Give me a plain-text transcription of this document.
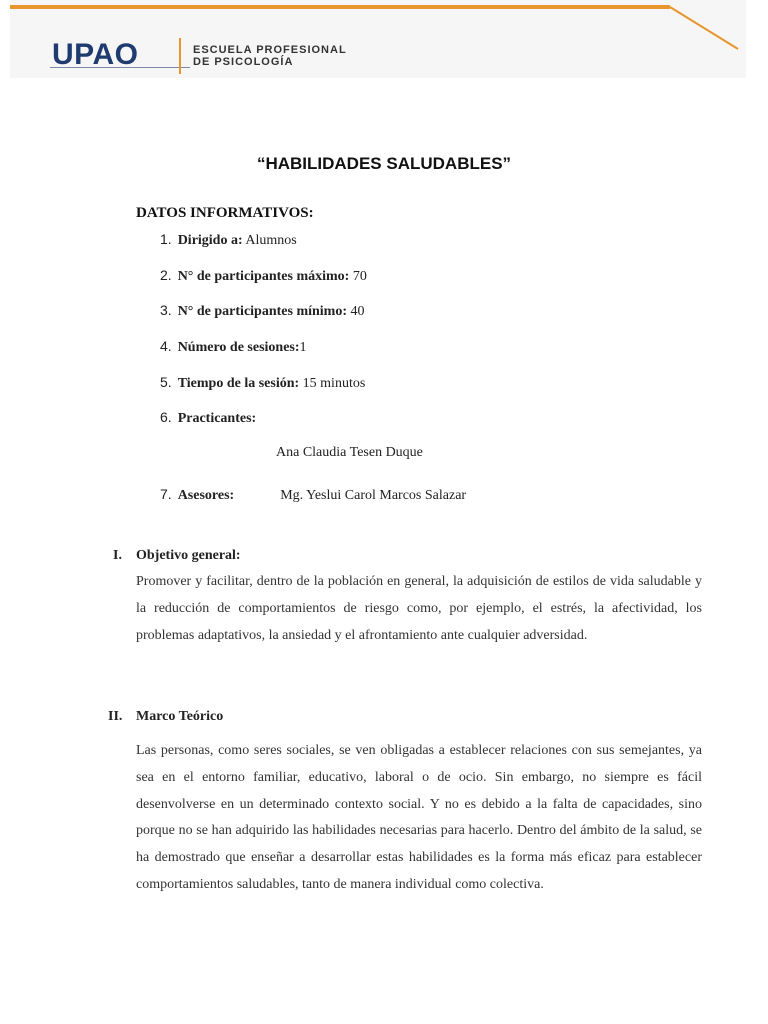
UPAO	ESCUELA PROFESIONAL
DE PSICOLOGÍA
“HABILIDADES SALUDABLES”
DATOS INFORMATIVOS:
1. Dirigido a: Alumnos
2. N° de participantes máximo: 70
3. N° de participantes mínimo: 40
4. Número de sesiones:1
5. Tiempo de la sesión: 15 minutos
6. Practicantes:
Ana Claudia Tesen Duque
7. Asesores:	Mg. Yeslui Carol Marcos Salazar
I. Objetivo general:
Promover y facilitar, dentro de la población en general, la adquisición de estilos de vida saludable y la reducción de comportamientos de riesgo como, por ejemplo, el estrés, la afectividad, los problemas adaptativos, la ansiedad y el afrontamiento ante cualquier adversidad.
II. Marco Teórico
Las personas, como seres sociales, se ven obligadas a establecer relaciones con sus semejantes, ya sea en el entorno familiar, educativo, laboral o de ocio. Sin embargo, no siempre es fácil desenvolverse en un determinado contexto social. Y no es debido a la falta de capacidades, sino porque no se han adquirido las habilidades necesarias para hacerlo. Dentro del ámbito de la salud, se ha demostrado que enseñar a desarrollar estas habilidades es la forma más eficaz para establecer comportamientos saludables, tanto de manera individual como colectiva.
